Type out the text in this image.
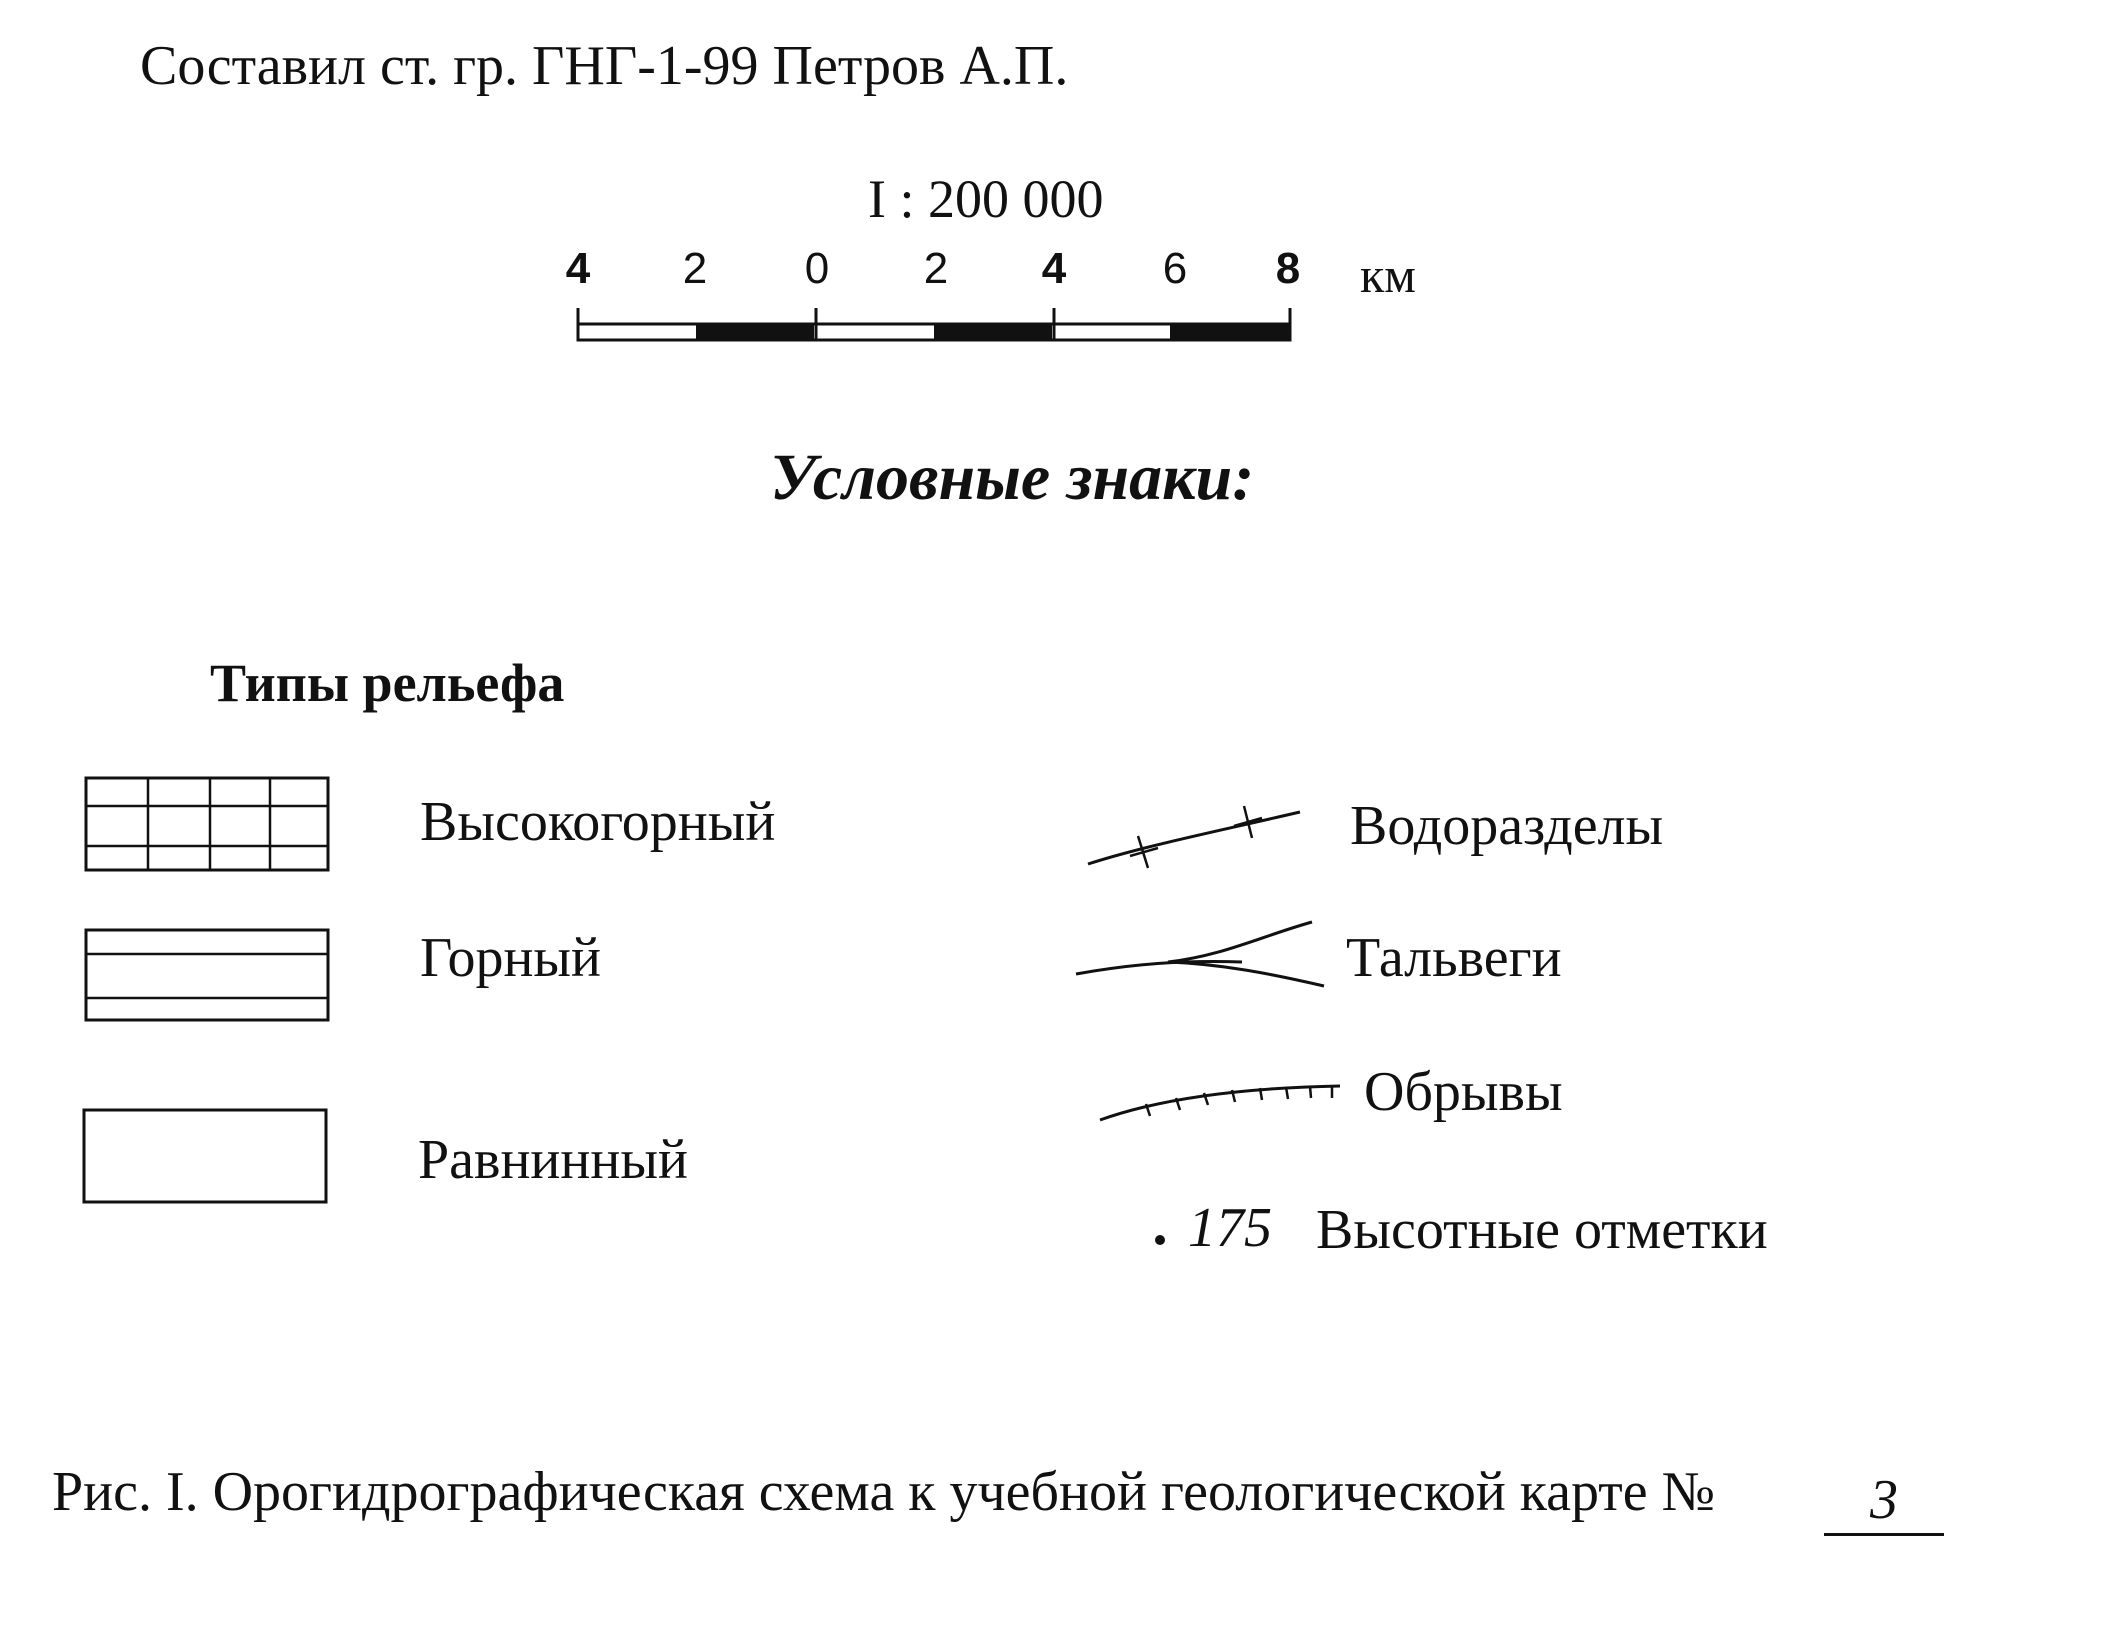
Составил ст. гр. ГНГ-1-99 Петров А.П.
I : 200 000
4	2	0	2	4	6	8	км
Условные знаки:
Типы рельефа
Высокогорный
Горный
Равнинный
Водоразделы
Тальвеги
Обрывы
175 Высотные отметки
Рис. I. Орогидрографическая схема к учебной геологической карте №	3
